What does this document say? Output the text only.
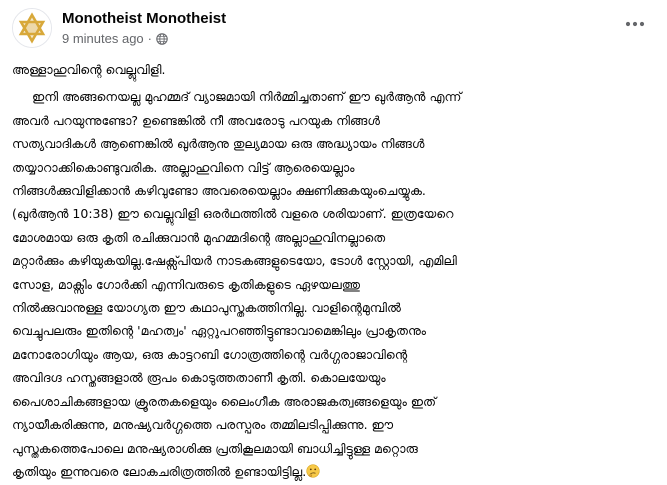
Monotheist Monotheist
9 minutes ago ·
അള്ളാഹുവിന്റെ വെല്ലുവിളി.
ഇനി അങ്ങനെയല്ല മുഹമ്മദ് വ്യാജമായി നിർമ്മിച്ചതാണ് ഈ ഖുർആൻ എന്ന്
അവർ പറയുന്നുണ്ടോ? ഉണ്ടെങ്കിൽ നീ അവരോടു പറയുക നിങ്ങൾ
സത്യവാദികൾ ആണെങ്കിൽ ഖുർആനു തുല്യമായ ഒരു അദ്ധ്യായം നിങ്ങൾ
തയ്യാറാക്കികൊണ്ടുവരിക. അല്ലാഹുവിനെ വിട്ട് ആരെയെല്ലാം
നിങ്ങൾക്കുവിളിക്കാൻ കഴിവുണ്ടോ അവരെയെല്ലാം ക്ഷണിക്കുകയുംചെയ്യുക.
(ഖുർആൻ 10:38) ഈ വെല്ലുവിളി ഒരർഥത്തിൽ വളരെ ശരിയാണ്. ഇത്രയേറെ
മോശമായ ഒരു കൃതി രചിക്കുവാൻ മുഹമ്മദിന്റെ അല്ലാഹുവിനല്ലാതെ
മറ്റാർക്കും കഴിയുകയില്ല.ഷേക്സ്പിയർ നാടകങ്ങളുടെയോ, ടോൾ സ്റ്റോയി, എമിലി
സോള, മാക്സിം ഗോർക്കി എന്നിവരുടെ കൃതികളുടെ ഏഴയലത്തു
നിൽക്കുവാനുള്ള യോഗ്യത ഈ കഥാപുസ്തകത്തിനില്ല. വാളിന്റെമുമ്പിൽ
വെച്ചുപലരും ഇതിന്റെ 'മഹത്വം' ഏറ്റുപറഞ്ഞിട്ടുണ്ടാവാമെങ്കിലും പ്രാകൃതനും
മനോരോഗിയും ആയ, ഒരു കാട്ടറബി ഗോത്രത്തിന്റെ വർഗ്ഗരാജാവിന്റെ
അവിദഗ്ദ ഹസ്തങ്ങളാൽ രൂപം കൊടുത്തതാണീ കൃതി. കൊലയേയും
പൈശാചികങ്ങളായ ക്രൂരതകളെയും ലൈംഗീക അരാജകത്വങ്ങളെയും ഇത്
ന്യായീകരിക്കുന്നു, മനുഷ്യവർഗ്ഗത്തെ പരസ്പരം തമ്മിലടിപ്പിക്കുന്നു. ഈ
പുസ്തകത്തെപോലെ മനുഷ്യരാശിക്കു പ്രതികൂലമായി ബാധിച്ചിട്ടുള്ള മറ്റൊരു
കൃതിയും ഇന്നുവരെ ലോകചരിത്രത്തിൽ ഉണ്ടായിട്ടില്ല.
